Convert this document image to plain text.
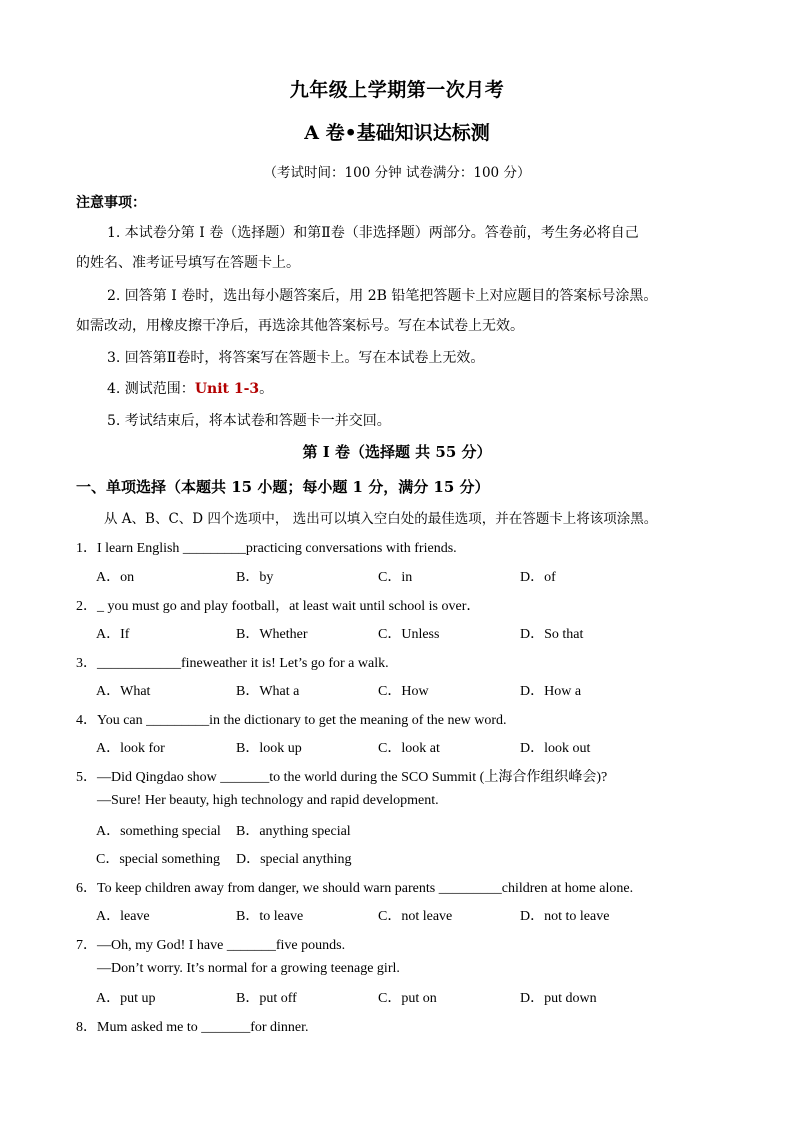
九年级上学期第一次月考
A 卷•基础知识达标测
（考试时间：100 分钟 试卷满分：100 分）
注意事项：
1. 本试卷分第 I 卷（选择题）和第Ⅱ卷（非选择题）两部分。答卷前，考生务必将自己
的姓名、准考证号填写在答题卡上。
2. 回答第 I 卷时，选出每小题答案后，用 2B 铅笔把答题卡上对应题目的答案标号涂黑。
如需改动，用橡皮擦干净后，再选涂其他答案标号。写在本试卷上无效。
3. 回答第Ⅱ卷时，将答案写在答题卡上。写在本试卷上无效。
4. 测试范围：Unit 1-3。
5. 考试结束后，将本试卷和答题卡一并交回。
第 I 卷（选择题 共 55 分）
一、单项选择（本题共 15 小题；每小题 1 分，满分 15 分）
从 A、B、C、D 四个选项中， 选出可以填入空白处的最佳选项，并在答题卡上将该项涂黑。
1．I learn English _________practicing conversations with friends.
A．on	B．by	C．in	D．of
2．_ you must go and play football，at least wait until school is over．
A．If	B．Whether	C．Unless	D．So that
3．____________fineweather it is! Let’s go for a walk.
A．What	B．What a	C．How	D．How a
4．You can _________in the dictionary to get the meaning of the new word.
A．look for	B．look up	C．look at	D．look out
5．—Did Qingdao show _______to the world during the SCO Summit (上海合作组织峰会)?
—Sure! Her beauty, high technology and rapid development.
A．something special B．anything special
C．special something D．special anything
6．To keep children away from danger, we should warn parents _________children at home alone.
A．leave	B．to leave	C．not leave	D．not to leave
7．—Oh, my God! I have _______five pounds.
—Don’t worry. It’s normal for a growing teenage girl.
A．put up	B．put off	C．put on	D．put down
8．Mum asked me to _______for dinner.
